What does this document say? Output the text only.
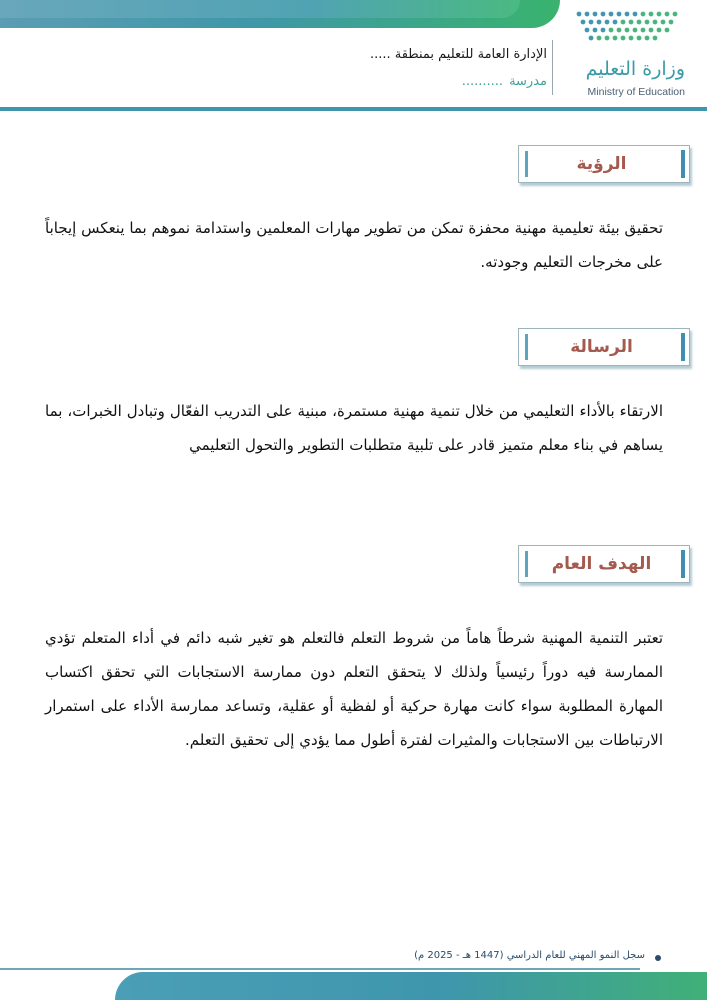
وزارة التعليم
Ministry of Education
الإدارة العامة للتعليم بمنطقة .....
مدرسة..........
الرؤية
تحقيق بيئة تعليمية مهنية محفزة تمكن من تطوير مهارات المعلمين واستدامة نموهم بما ينعكس إيجاباً على مخرجات التعليم وجودته.
الرسالة
الارتقاء بالأداء التعليمي من خلال تنمية مهنية مستمرة، مبنية على التدريب الفعّال وتبادل الخبرات، بما يساهم في بناء معلم متميز قادر على تلبية متطلبات التطوير والتحول التعليمي
الهدف العام
تعتبر التنمية المهنية شرطاً هاماً من شروط التعلم فالتعلم هو تغير شبه دائم في أداء المتعلم تؤدي الممارسة فيه دوراً رئيسياً ولذلك لا يتحقق التعلم دون ممارسة الاستجابات التي تحقق اكتساب المهارة المطلوبة سواء كانت مهارة حركية أو لفظية أو عقلية، وتساعد ممارسة الأداء على استمرار الارتباطات بين الاستجابات والمثيرات لفترة أطول مما يؤدي إلى تحقيق التعلم.
سجل النمو المهني للعام الدراسي (1447 هـ - 2025 م)
